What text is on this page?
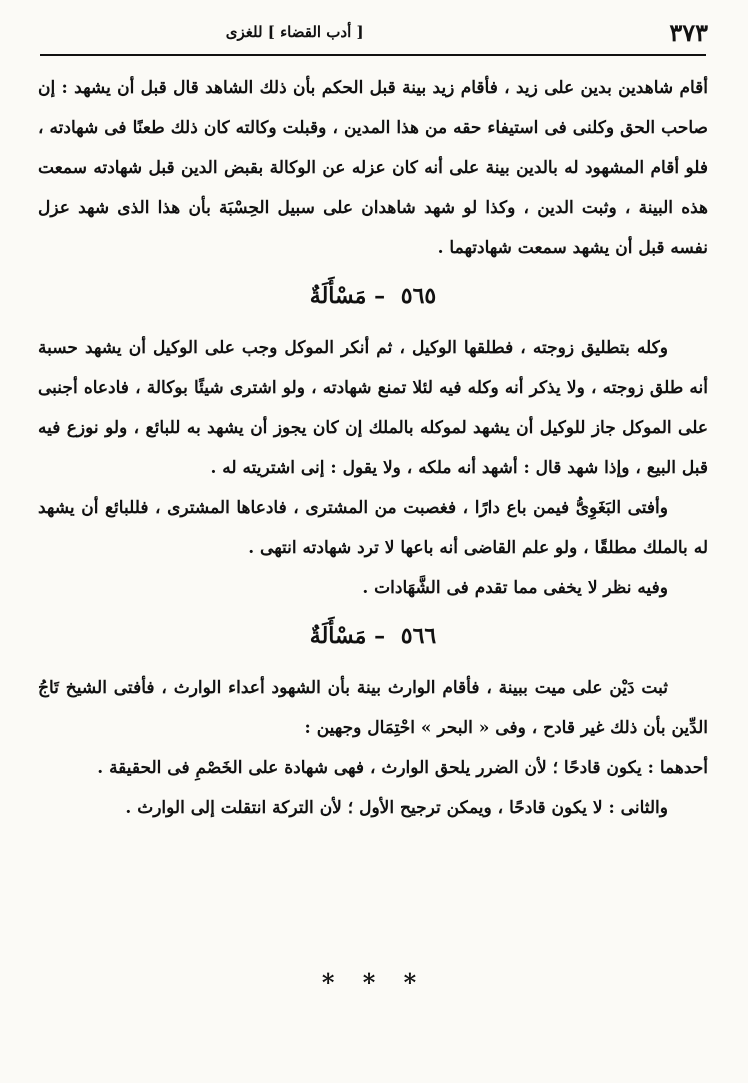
٣٧٣
[ أدب القضاء ] للغزى

أقام شاهدين بدين على زيد ، فأقام زيد بينة قبل الحكم بأن ذلك الشاهد قال قبل أن يشهد : إن صاحب الحق وكلنى فى استيفاء حقه من هذا المدين ، وقبلت وكالته كان ذلك طعنًا فى شهادته ، فلو أقام المشهود له بالدين بينة على أنه كان عزله عن الوكالة بقبض الدين قبل شهادته سمعت هذه البينة ، وثبت الدين ، وكذا لو شهد شاهدان على سبيل الحِسْبَة بأن هذا الذى شهد عزل نفسه قبل أن يشهد سمعت شهادتهما .

٥٦٥ – مَسْأَلَةٌ

وكله بتطليق زوجته ، فطلقها الوكيل ، ثم أنكر الموكل وجب على الوكيل أن يشهد حسبة أنه طلق زوجته ، ولا يذكر أنه وكله فيه لئلا تمنع شهادته ، ولو اشترى شيئًا بوكالة ، فادعاه أجنبى على الموكل جاز للوكيل أن يشهد لموكله بالملك إن كان يجوز أن يشهد به للبائع ، ولو نوزع فيه قبل البيع ، وإذا شهد قال : أشهد أنه ملكه ، ولا يقول : إنى اشتريته له .

وأفتى البَغَوِىُّ فيمن باع دارًا ، فغصبت من المشترى ، فادعاها المشترى ، فللبائع أن يشهد له بالملك مطلقًا ، ولو علم القاضى أنه باعها لا ترد شهادته انتهى .

وفيه نظر لا يخفى مما تقدم فى الشَّهَادات .

٥٦٦ – مَسْأَلَةٌ

ثبت دَيْن على ميت ببينة ، فأقام الوارث بينة بأن الشهود أعداء الوارث ، فأفتى الشيخ تَاجُ الدِّين بأن ذلك غير قادح ، وفى « البحر » احْتِمَال وجهين :

أحدهما : يكون قادحًا ؛ لأن الضرر يلحق الوارث ، فهى شهادة على الخَصْمِ فى الحقيقة .

والثانى : لا يكون قادحًا ، ويمكن ترجيح الأول ؛ لأن التركة انتقلت إلى الوارث .

* * *
